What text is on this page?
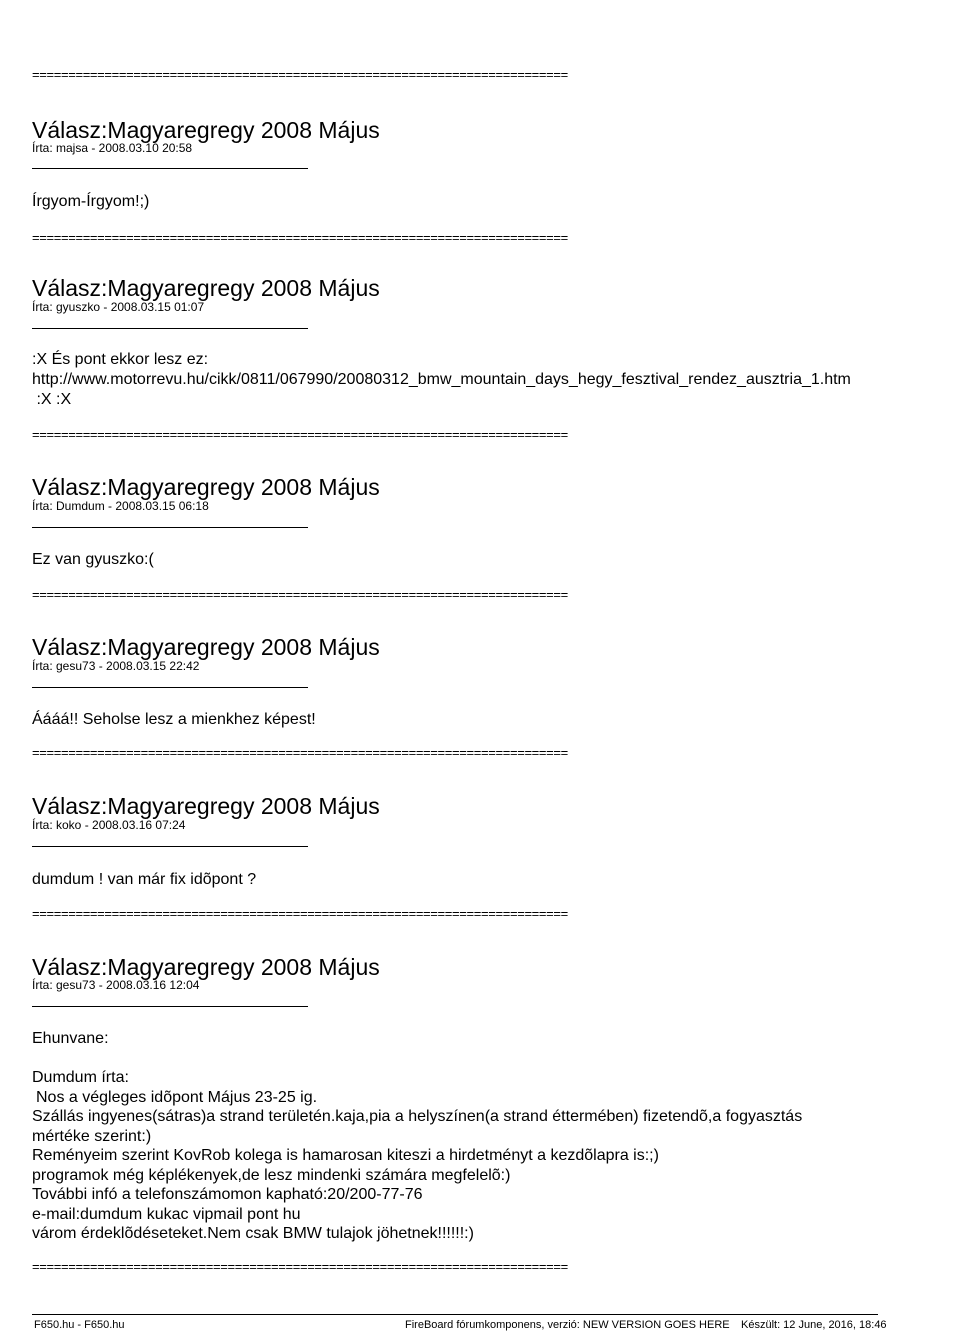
==========================================================================
==========================================================================
==========================================================================
==========================================================================
==========================================================================
==========================================================================
==========================================================================
Válasz:Magyaregregy 2008 Május
Írta: majsa - 2008.03.10 20:58
Írgyom-Írgyom!;)
Válasz:Magyaregregy 2008 Május
Írta: gyuszko - 2008.03.15 01:07
:X És pont ekkor lesz ez:
http://www.motorrevu.hu/cikk/0811/067990/20080312_bmw_mountain_days_hegy_fesztival_rendez_ausztria_1.htm
:X :X
Válasz:Magyaregregy 2008 Május
Írta: Dumdum - 2008.03.15 06:18
Ez van gyuszko:(
Válasz:Magyaregregy 2008 Május
Írta: gesu73 - 2008.03.15 22:42
Áááá!! Seholse lesz a mienkhez képest!
Válasz:Magyaregregy 2008 Május
Írta: koko - 2008.03.16 07:24
dumdum ! van már fix idõpont ?
Válasz:Magyaregregy 2008 Május
Írta: gesu73 - 2008.03.16 12:04
Ehunvane:
Dumdum írta:
Nos a végleges idõpont Május 23-25 ig.
Szállás ingyenes(sátras)a strand területén.kaja,pia a helyszínen(a strand éttermében) fizetendõ,a fogyasztás
mértéke szerint:)
Reményeim szerint KovRob kolega is hamarosan kiteszi a hirdetményt a kezdõlapra is:;)
programok még képlékenyek,de lesz mindenki számára megfelelõ:)
További infó a telefonszámomon kapható:20/200-77-76
e-mail:dumdum kukac vipmail pont hu
várom érdeklõdéseteket.Nem csak BMW tulajok jöhetnek!!!!!!:)
F650.hu - F650.hu	FireBoard fórumkomponens, verzió: NEW VERSION GOES HERE Készült: 12 June, 2016, 18:46
